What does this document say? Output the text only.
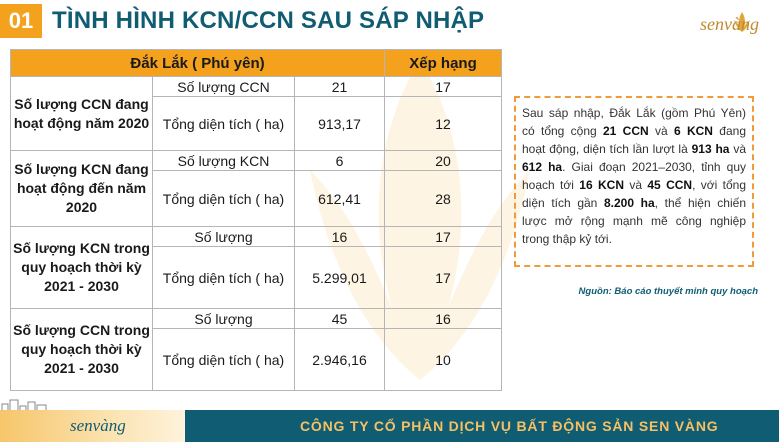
01 TÌNH HÌNH KCN/CCN SAU SÁP NHẬP	senvàng
Đắk Lắk ( Phú yên)			Xếp hạng
Số lượng CCN đang hoạt động năm 2020	Số lượng CCN	21	17
	Tổng diện tích ( ha)	913,17	12
Số lượng KCN đang hoạt động đến năm 2020	Số lượng KCN	6	20
	Tổng diện tích ( ha)	612,41	28
Số lượng KCN trong quy hoạch thời kỳ 2021 - 2030	Số lượng	16	17
	Tổng diện tích ( ha)	5.299,01	17
Số lượng CCN trong quy hoạch thời kỳ 2021 - 2030	Số lượng	45	16
	Tổng diện tích ( ha)	2.946,16	10
Sau sáp nhập, Đắk Lắk (gồm Phú Yên) có tổng cộng 21 CCN và 6 KCN đang hoạt động, diện tích lần lượt là 913 ha và 612 ha. Giai đoạn 2021–2030, tỉnh quy hoạch tới 16 KCN và 45 CCN, với tổng diện tích gần 8.200 ha, thể hiện chiến lược mở rộng mạnh mẽ công nghiệp trong thập kỷ tới.
Nguồn: Báo cáo thuyết minh quy hoạch
senvàng	CÔNG TY CỔ PHẦN DỊCH VỤ BẤT ĐỘNG SẢN SEN VÀNG
